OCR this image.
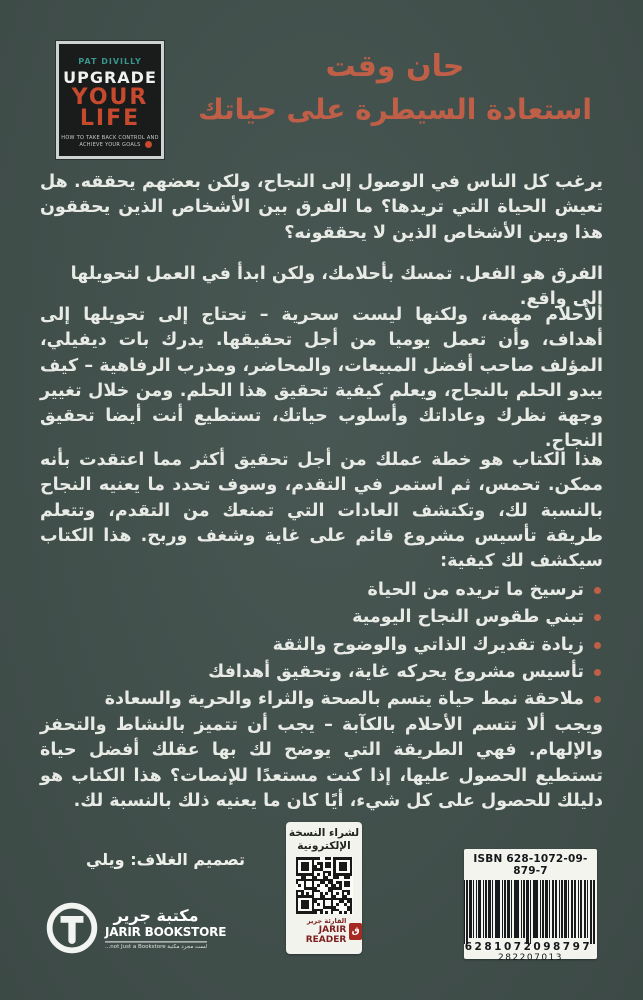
PAT DIVILLY
UPGRADE
YOUR
LIFE
HOW TO TAKE BACK CONTROL AND ACHIEVE YOUR GOALS
حان وقت
استعادة السيطرة على حياتك
يرغب كل الناس في الوصول إلى النجاح، ولكن بعضهم يحققه. هل تعيش الحياة التي تريدها؟ ما الفرق بين الأشخاص الذين يحققون هذا وبين الأشخاص الذين لا يحققونه؟
الفرق هو الفعل. تمسك بأحلامك، ولكن ابدأ في العمل لتحويلها إلى واقع.
الأحلام مهمة، ولكنها ليست سحرية – تحتاج إلى تحويلها إلى أهداف، وأن تعمل يوميا من أجل تحقيقها. يدرك بات ديفيلي، المؤلف صاحب أفضل المبيعات، والمحاضر، ومدرب الرفاهية – كيف يبدو الحلم بالنجاح، ويعلم كيفية تحقيق هذا الحلم. ومن خلال تغيير وجهة نظرك وعاداتك وأسلوب حياتك، تستطيع أنت أيضا تحقيق النجاح.
هذا الكتاب هو خطة عملك من أجل تحقيق أكثر مما اعتقدت بأنه ممكن. تحمس، ثم استمر في التقدم، وسوف تحدد ما يعنيه النجاح بالنسبة لك، وتكتشف العادات التي تمنعك من التقدم، وتتعلم طريقة تأسيس مشروع قائم على غاية وشغف وربح. هذا الكتاب سيكشف لك كيفية:
ترسيخ ما تريده من الحياة
تبني طقوس النجاح اليومية
زيادة تقديرك الذاتي والوضوح والثقة
تأسيس مشروع يحركه غاية، وتحقيق أهدافك
ملاحقة نمط حياة يتسم بالصحة والثراء والحرية والسعادة
ويجب ألا تتسم الأحلام بالكآبة – يجب أن تتميز بالنشاط والتحفز والإلهام. فهي الطريقة التي يوضح لك بها عقلك أفضل حياة تستطيع الحصول عليها، إذا كنت مستعدًا للإنصات؟ هذا الكتاب هو دليلك للحصول على كل شيء، أيًا كان ما يعنيه ذلك بالنسبة لك.
تصميم الغلاف: ويلي
لشراء النسخة
الإلكترونية
القارئة جرير
JARIR READER
ق
مكتبة جرير
JARIR BOOKSTORE
...not Just a Bookstore لست مجرد مكتبة
ISBN 628-1072-09-879-7
6281072098797
282207013
